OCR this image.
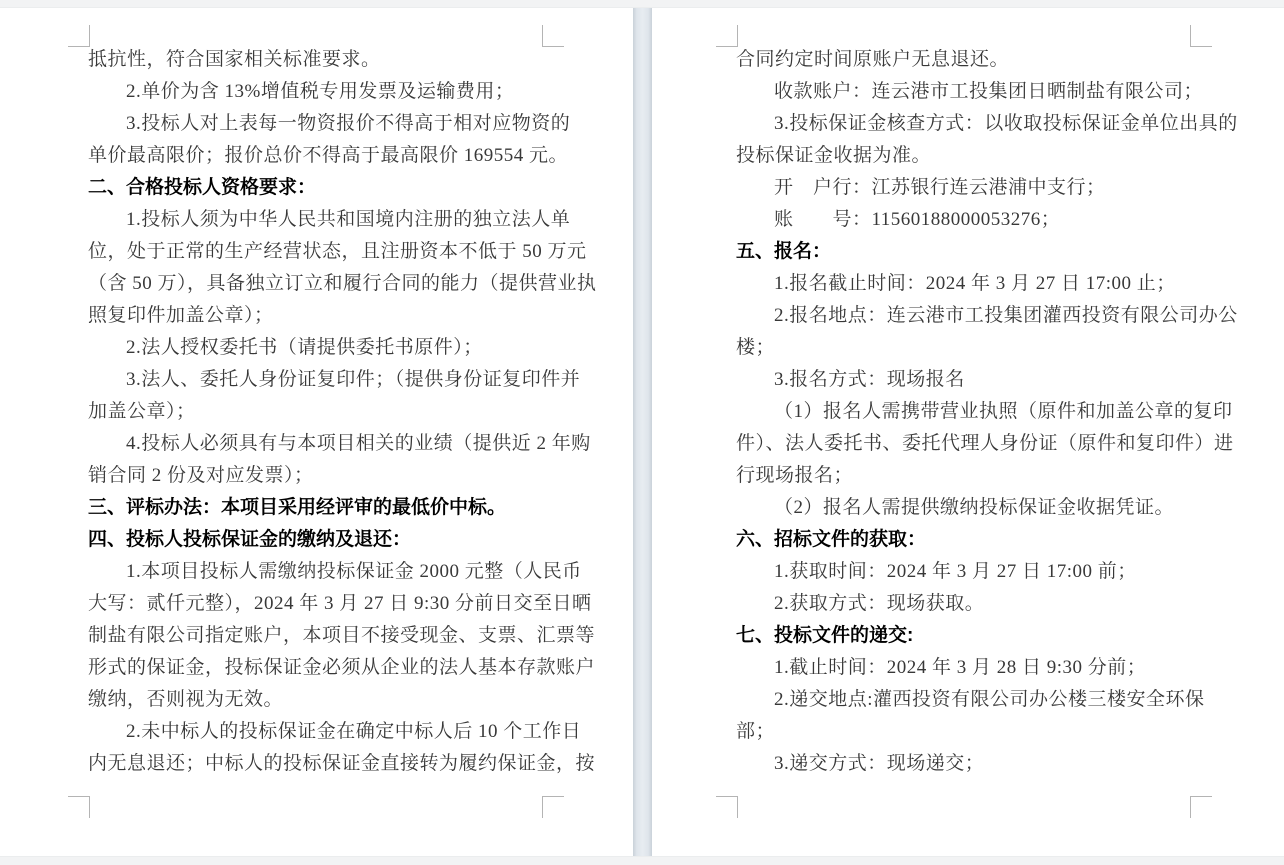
抵抗性，符合国家相关标准要求。
2.单价为含 13%增值税专用发票及运输费用；
3.投标人对上表每一物资报价不得高于相对应物资的
单价最高限价；报价总价不得高于最高限价 169554 元。
二、合格投标人资格要求：
1.投标人须为中华人民共和国境内注册的独立法人单
位，处于正常的生产经营状态，且注册资本不低于 50 万元
（含 50 万），具备独立订立和履行合同的能力（提供营业执
照复印件加盖公章）；
2.法人授权委托书（请提供委托书原件）；
3.法人、委托人身份证复印件；（提供身份证复印件并
加盖公章）；
4.投标人必须具有与本项目相关的业绩（提供近 2 年购
销合同 2 份及对应发票）；
三、评标办法：本项目采用经评审的最低价中标。
四、投标人投标保证金的缴纳及退还：
1.本项目投标人需缴纳投标保证金 2000 元整（人民币
大写：贰仟元整），2024 年 3 月 27 日 9:30 分前日交至日晒
制盐有限公司指定账户，本项目不接受现金、支票、汇票等
形式的保证金，投标保证金必须从企业的法人基本存款账户
缴纳，否则视为无效。
2.未中标人的投标保证金在确定中标人后 10 个工作日
内无息退还；中标人的投标保证金直接转为履约保证金，按
合同约定时间原账户无息退还。
收款账户：连云港市工投集团日晒制盐有限公司；
3.投标保证金核查方式：以收取投标保证金单位出具的
投标保证金收据为准。
开　户行：江苏银行连云港浦中支行；
账　　号：11560188000053276；
五、报名：
1.报名截止时间：2024 年 3 月 27 日 17:00 止；
2.报名地点：连云港市工投集团灌西投资有限公司办公
楼；
3.报名方式：现场报名
（1）报名人需携带营业执照（原件和加盖公章的复印
件）、法人委托书、委托代理人身份证（原件和复印件）进
行现场报名；
（2）报名人需提供缴纳投标保证金收据凭证。
六、招标文件的获取：
1.获取时间：2024 年 3 月 27 日 17:00 前；
2.获取方式：现场获取。
七、投标文件的递交:
1.截止时间：2024 年 3 月 28 日 9:30 分前；
2.递交地点:灌西投资有限公司办公楼三楼安全环保
部；
3.递交方式：现场递交；
